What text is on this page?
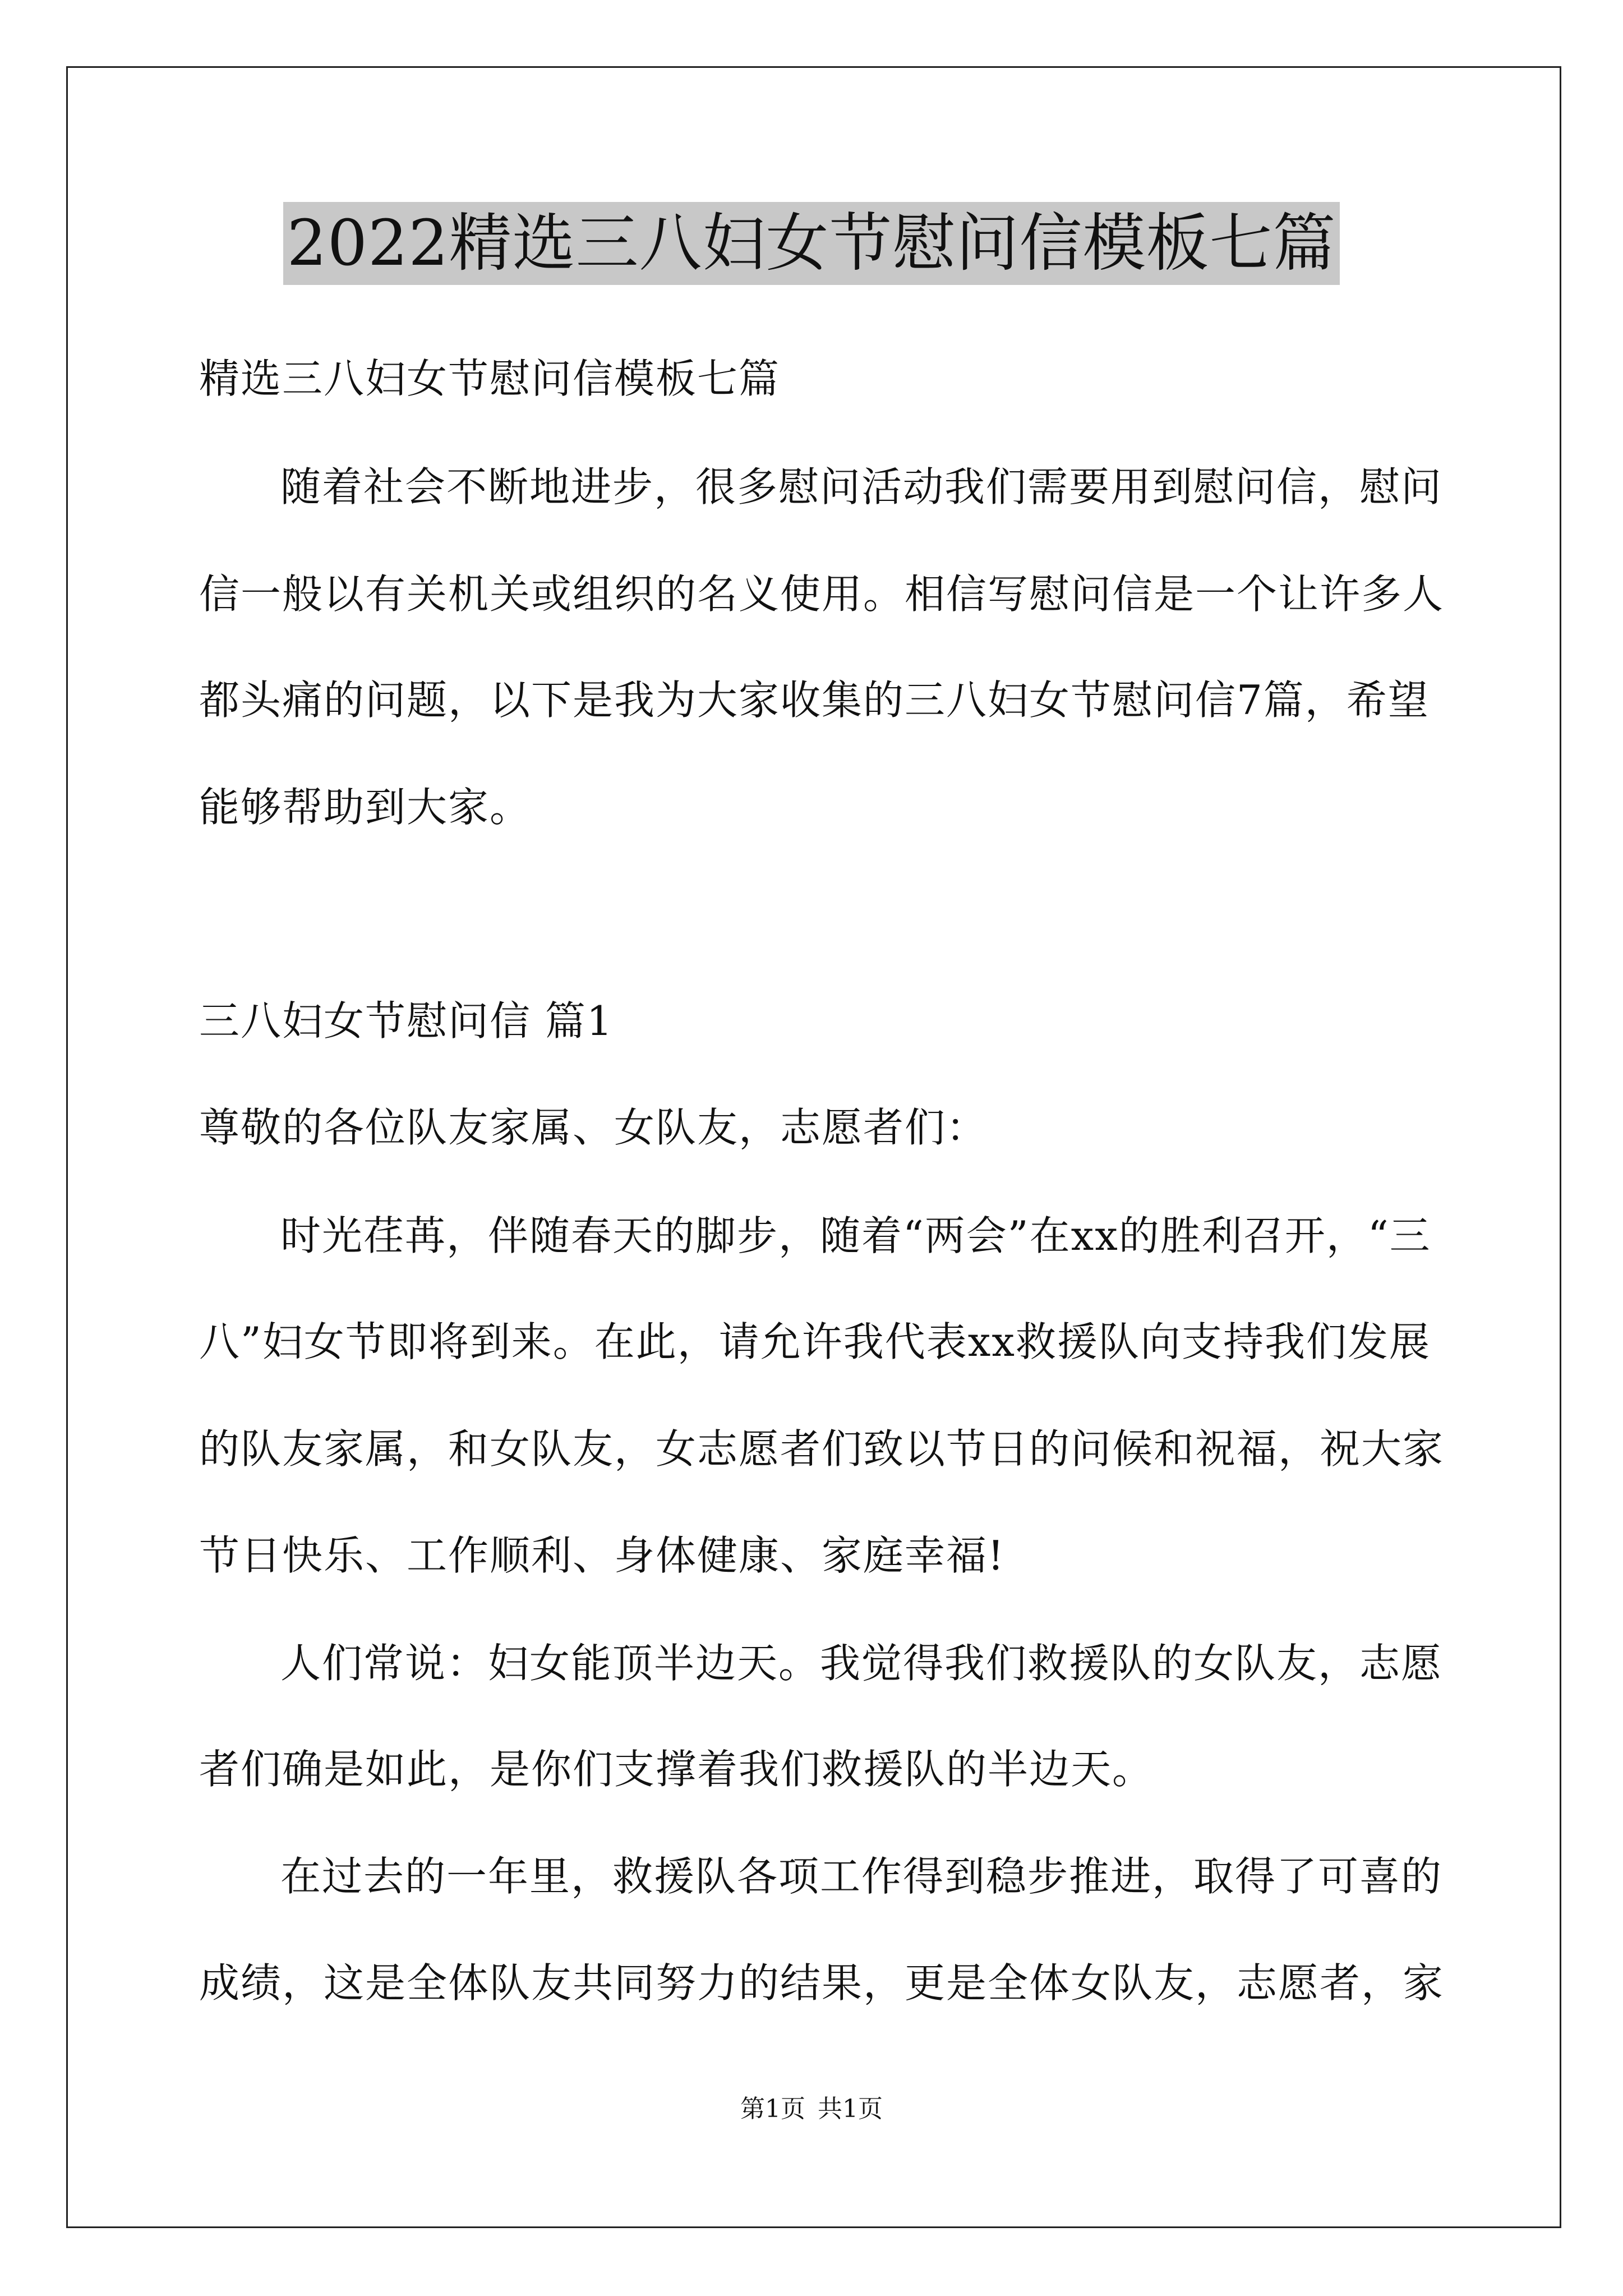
2022精选三八妇女节慰问信模板七篇
精选三八妇女节慰问信模板七篇
随着社会不断地进步，很多慰问活动我们需要用到慰问信，慰问
信一般以有关机关或组织的名义使用。相信写慰问信是一个让许多人
都头痛的问题，以下是我为大家收集的三八妇女节慰问信7篇，希望
能够帮助到大家。
三八妇女节慰问信 篇1
尊敬的各位队友家属、女队友，志愿者们：
时光荏苒，伴随春天的脚步，随着“两会”在xx的胜利召开，“三
八”妇女节即将到来。在此，请允许我代表xx救援队向支持我们发展
的队友家属，和女队友，女志愿者们致以节日的问候和祝福，祝大家
节日快乐、工作顺利、身体健康、家庭幸福!
人们常说：妇女能顶半边天。我觉得我们救援队的女队友，志愿
者们确是如此，是你们支撑着我们救援队的半边天。
在过去的一年里，救援队各项工作得到稳步推进，取得了可喜的
成绩，这是全体队友共同努力的结果，更是全体女队友，志愿者，家
第1页 共1页
